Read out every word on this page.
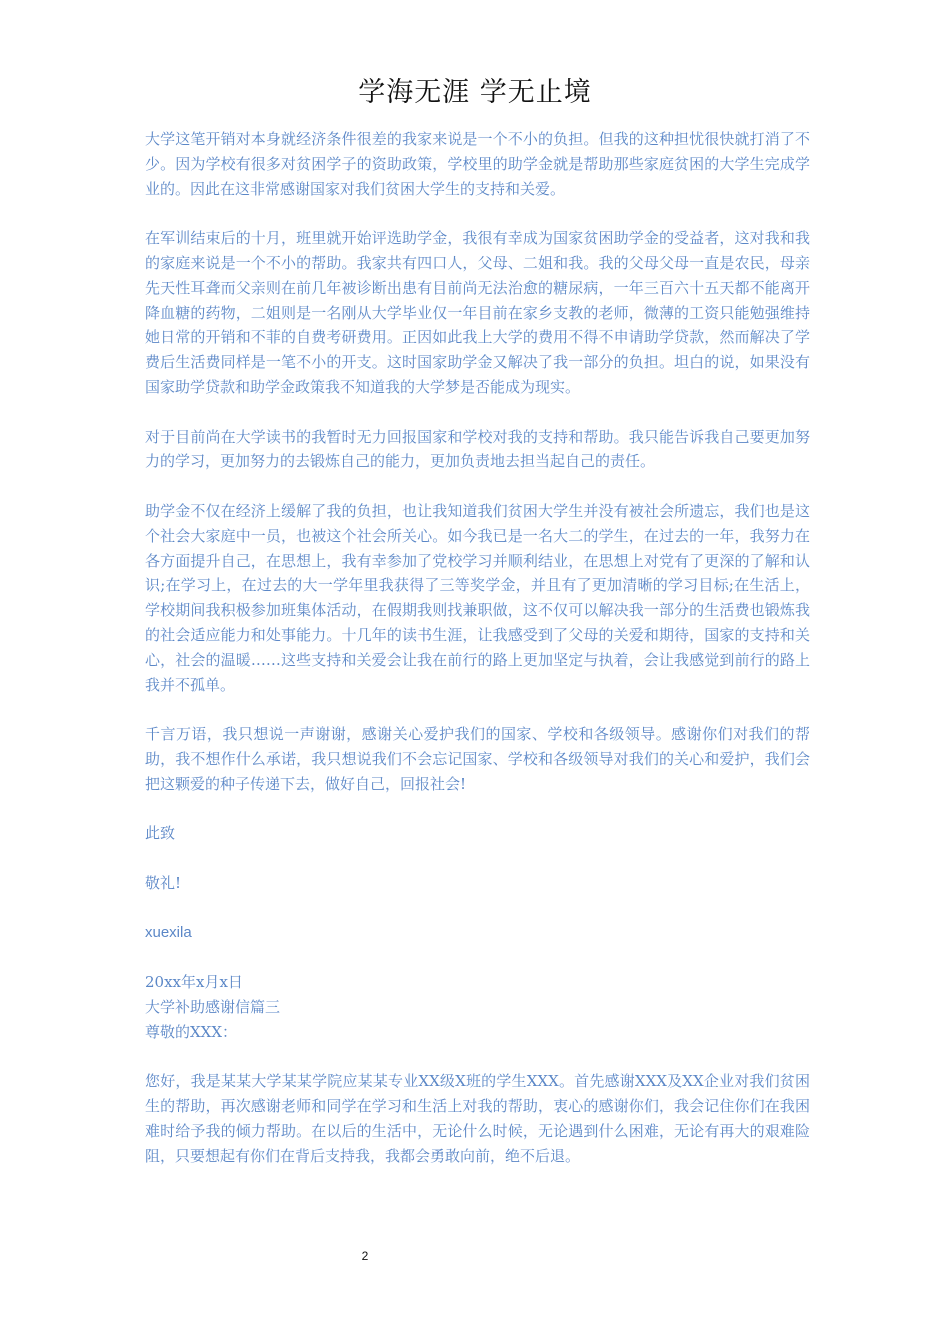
学海无涯 学无止境

大学这笔开销对本身就经济条件很差的我家来说是一个不小的负担。但我的这种担忧很快就打消了不少。因为学校有很多对贫困学子的资助政策，学校里的助学金就是帮助那些家庭贫困的大学生完成学业的。因此在这非常感谢国家对我们贫困大学生的支持和关爱。

在军训结束后的十月，班里就开始评选助学金，我很有幸成为国家贫困助学金的受益者，这对我和我的家庭来说是一个不小的帮助。我家共有四口人，父母、二姐和我。我的父母父母一直是农民，母亲先天性耳聋而父亲则在前几年被诊断出患有目前尚无法治愈的糖尿病，一年三百六十五天都不能离开降血糖的药物，二姐则是一名刚从大学毕业仅一年目前在家乡支教的老师，微薄的工资只能勉强维持她日常的开销和不菲的自费考研费用。正因如此我上大学的费用不得不申请助学贷款，然而解决了学费后生活费同样是一笔不小的开支。这时国家助学金又解决了我一部分的负担。坦白的说，如果没有国家助学贷款和助学金政策我不知道我的大学梦是否能成为现实。

对于目前尚在大学读书的我暂时无力回报国家和学校对我的支持和帮助。我只能告诉我自己要更加努力的学习，更加努力的去锻炼自己的能力，更加负责地去担当起自己的责任。

助学金不仅在经济上缓解了我的负担，也让我知道我们贫困大学生并没有被社会所遗忘，我们也是这个社会大家庭中一员，也被这个社会所关心。如今我已是一名大二的学生，在过去的一年，我努力在各方面提升自己，在思想上，我有幸参加了党校学习并顺利结业，在思想上对党有了更深的了解和认识;在学习上，在过去的大一学年里我获得了三等奖学金，并且有了更加清晰的学习目标;在生活上，学校期间我积极参加班集体活动，在假期我则找兼职做，这不仅可以解决我一部分的生活费也锻炼我的社会适应能力和处事能力。十几年的读书生涯，让我感受到了父母的关爱和期待，国家的支持和关心，社会的温暖……这些支持和关爱会让我在前行的路上更加坚定与执着，会让我感觉到前行的路上我并不孤单。

千言万语，我只想说一声谢谢，感谢关心爱护我们的国家、学校和各级领导。感谢你们对我们的帮助，我不想作什么承诺，我只想说我们不会忘记国家、学校和各级领导对我们的关心和爱护，我们会把这颗爱的种子传递下去，做好自己，回报社会!

此致

敬礼!

xuexila

20xx年x月x日

大学补助感谢信篇三

尊敬的XXX：

您好，我是某某大学某某学院应某某专业XX级X班的学生XXX。首先感谢XXX及XX企业对我们贫困生的帮助，再次感谢老师和同学在学习和生活上对我的帮助，衷心的感谢你们，我会记住你们在我困难时给予我的倾力帮助。在以后的生活中，无论什么时候，无论遇到什么困难，无论有再大的艰难险阻，只要想起有你们在背后支持我，我都会勇敢向前，绝不后退。

2
